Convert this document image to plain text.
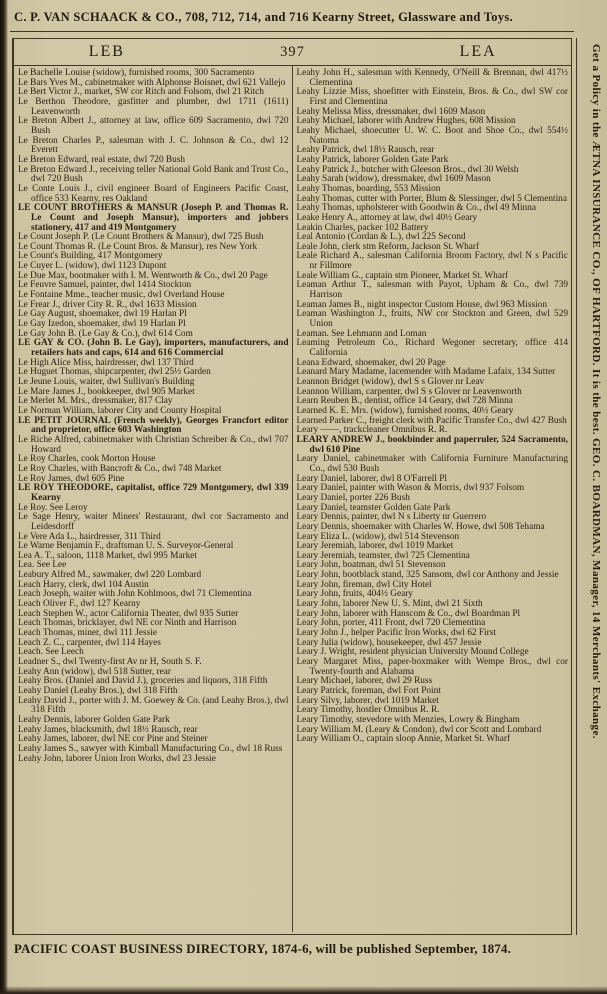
C. P. VAN SCHAACK & CO., 708, 712, 714, and 716 Kearny Street, Glassware and Toys.
LEB	397	LEA
Le Bachelle Louise (widow), furnished rooms, 300 Sacramento
Le Bars Yves M., cabinetmaker with Alphonse Boisnet, dwl 621 Vallejo
Le Bert Victor J., market, SW cor Ritch and Folsom, dwl 21 Ritch
Le Berthon Theodore, gasfitter and plumber, dwl 1711 (1611) Leavenworth
Le Breton Albert J., attorney at law, office 609 Sacramento, dwl 720 Bush
Le Breton Charles P., salesman with J. C. Johnson & Co., dwl 12 Everett
Le Breton Edward, real estate, dwl 720 Bush
Le Breton Edward J., receiving teller National Gold Bank and Trust Co., dwl 720 Bush
Le Conte Louis J., civil engineer Board of Engineers Pacific Coast, office 533 Kearny, res Oakland
LE COUNT BROTHERS & MANSUR (Joseph P. and Thomas R. Le Count and Joseph Mansur), importers and jobbers stationery, 417 and 419 Montgomery
Le Count Joseph P. (Le Count Brothers & Mansur), dwl 725 Bush
Le Count Thomas R. (Le Count Bros. & Mansur), res New York
Le Count's Building, 417 Montgomery
Le Cuyer L. (widow), dwl 1123 Dupont
Le Due Max, bootmaker with I. M. Wentworth & Co., dwl 20 Page
Le Feuvre Samuel, painter, dwl 1414 Stockton
Le Fontaine Mme., teacher music, dwl Overland House
Le Frear J., driver City R. R., dwl 1633 Mission
Le Gay August, shoemaker, dwl 19 Harlan Pl
Le Gay Izedon, shoemaker, dwl 19 Harlan Pl
Le Gay John B. (Le Gay & Co.), dwl 614 Com
LE GAY & CO. (John B. Le Gay), importers, manufacturers, and retailers hats and caps, 614 and 616 Commercial
Le High Alice Miss, hairdresser, dwl 137 Third
Le Huguet Thomas, shipcarpenter, dwl 25½ Garden
Le Jeune Louis, waiter, dwl Sullivan's Building
Le Mare James J., bookkeeper, dwl 905 Market
Le Merlet M. Mrs., dressmaker, 817 Clay
Le Norman William, laborer City and County Hospital
LE PETIT JOURNAL (French weekly), Georges Francfort editor and proprietor, office 603 Washington
Le Riche Alfred, cabinetmaker with Christian Schreiber & Co., dwl 707 Howard
Le Roy Charles, cook Morton House
Le Roy Charles, with Bancroft & Co., dwl 748 Market
Le Roy James, dwl 605 Pine
LE ROY THEODORE, capitalist, office 729 Montgomery, dwl 339 Kearny
Le Roy. See Leroy
Le Sage Henry, waiter Miners' Restaurant, dwl cor Sacramento and Leidesdorff
Le Vere Ada L., hairdresser, 311 Third
Le Warne Benjamin F., draftsman U. S. Surveyor-General
Lea A. T., saloon, 1118 Market, dwl 995 Market
Lea. See Lee
Leabury Alfred M., sawmaker, dwl 220 Lombard
Leach Harry, clerk, dwl 104 Austin
Leach Joseph, waiter with John Kohlmoos, dwl 71 Clementina
Leach Oliver F., dwl 127 Kearny
Leach Stephen W., actor California Theater, dwl 935 Sutter
Leach Thomas, bricklayer, dwl NE cor Ninth and Harrison
Leach Thomas, miner, dwl 111 Jessie
Leach Z. C., carpenter, dwl 114 Hayes
Leach. See Leech
Leadner S., dwl Twenty-first Av nr H, South S. F.
Leahy Ann (widow), dwl 518 Sutter, rear
Leahy Bros. (Daniel and David J.), groceries and liquors, 318 Fifth
Leahy Daniel (Leahy Bros.), dwl 318 Fifth
Leahy David J., porter with J. M. Goewey & Co. (and Leahy Bros.), dwl 318 Fifth
Leahy Dennis, laborer Golden Gate Park
Leahy James, blacksmith, dwl 18½ Rausch, rear
Leahy James, laborer, dwl NE cor Pine and Steiner
Leahy James S., sawyer with Kimball Manufacturing Co., dwl 18 Russ
Leahy John, laborer Union Iron Works, dwl 23 Jessie
Leahy John H., salesman with Kennedy, O'Neill & Brennan, dwl 417½ Clementina
Leahy Lizzie Miss, shoefitter with Einstein, Bros. & Co., dwl SW cor First and Clementina
Leahy Melissa Miss, dressmaker, dwl 1609 Mason
Leahy Michael, laborer with Andrew Hughes, 608 Mission
Leahy Michael, shoecutter U. W. C. Boot and Shoe Co., dwl 554½ Natoma
Leahy Patrick, dwl 18½ Rausch, rear
Leahy Patrick, laborer Golden Gate Park
Leahy Patrick J., butcher with Gleeson Bros., dwl 30 Welsh
Leahy Sarah (widow), dressmaker, dwl 1609 Mason
Leahy Thomas, boarding, 553 Mission
Leahy Thomas, cutter with Porter, Blum & Slessinger, dwl 5 Clementina
Leahy Thomas, upholsterer with Goodwin & Co., dwl 49 Minna
Leake Henry A., attorney at law, dwl 40½ Geary
Leakin Charles, packer 102 Battery
Leal Antonio (Cordan & L.), dwl 225 Second
Leale John, clerk stm Reform, Jackson St. Wharf
Leale Richard A., salesman California Broom Factory, dwl N s Pacific nr Fillmore
Leale William G., captain stm Pioneer, Market St. Wharf
Leaman Arthur T., salesman with Payot, Upham & Co., dwl 739 Harrison
Leaman James B., night inspector Custom House, dwl 963 Mission
Leaman Washington J., fruits, NW cor Stockton and Green, dwl 529 Union
Leaman. See Lehmann and Loman
Leaming Petroleum Co., Richard Wegoner secretary, office 414 California
Leana Edward, shoemaker, dwl 20 Page
Leanard Mary Madame, lacemender with Madame Lafaix, 134 Sutter
Leannon Bridget (widow), dwl S s Glover nr Leav
Leannon William, carpenter, dwl S s Glover nr Leavenworth
Learn Reuben B., dentist, office 14 Geary, dwl 728 Minna
Learned K. E. Mrs. (widow), furnished rooms, 40½ Geary
Learned Parker C., freight clerk with Pacific Transfer Co., dwl 427 Bush
Leary ——, trackcleaner Omnibus R. R.
LEARY ANDREW J., bookbinder and paperruler, 524 Sacramento, dwl 610 Pine
Leary Daniel, cabinetmaker with California Furniture Manufacturing Co., dwl 530 Bush
Leary Daniel, laborer, dwl 8 O'Farrell Pl
Leary Daniel, painter with Wason & Morris, dwl 937 Folsom
Leary Daniel, porter 226 Bush
Leary Daniel, teamster Golden Gate Park
Leary Dennis, painter, dwl N s Liberty nr Guerrero
Leary Dennis, shoemaker with Charles W. Howe, dwl 508 Tehama
Leary Eliza L. (widow), dwl 514 Stevenson
Leary Jeremiah, laborer, dwl 1019 Market
Leary Jeremiah, teamster, dwl 725 Clementina
Leary John, boatman, dwl 51 Stevenson
Leary John, bootblack stand, 325 Sansom, dwl cor Anthony and Jessie
Leary John, fireman, dwl City Hotel
Leary John, fruits, 404½ Geary
Leary John, laborer New U. S. Mint, dwl 21 Sixth
Leary John, laborer with Hanscom & Co., dwl Boardman Pl
Leary John, porter, 411 Front, dwl 720 Clementina
Leary John J., helper Pacific Iron Works, dwl 62 First
Leary Julia (widow), housekeeper, dwl 457 Jessie
Leary J. Wright, resident physician University Mound College
Leary Margaret Miss, paper-boxmaker with Wempe Bros., dwl cor Twenty-fourth and Alabama
Leary Michael, laborer, dwl 29 Russ
Leary Patrick, foreman, dwl Fort Point
Leary Silvy, laborer, dwl 1019 Market
Leary Timothy, hostler Omnibus R. R.
Leary Timothy, stevedore with Menzies, Lowry & Bingham
Leary William M. (Leary & Condon), dwl cor Scott and Lombard
Leary William O., captain sloop Annie, Market St. Wharf
Get a Policy in the ÆTNA INSURANCE CO., OF HARTFORD. It is the best. GEO. C. BOARDMAN, Manager, 14 Merchants' Exchange.
PACIFIC COAST BUSINESS DIRECTORY, 1874-6, will be published September, 1874.
